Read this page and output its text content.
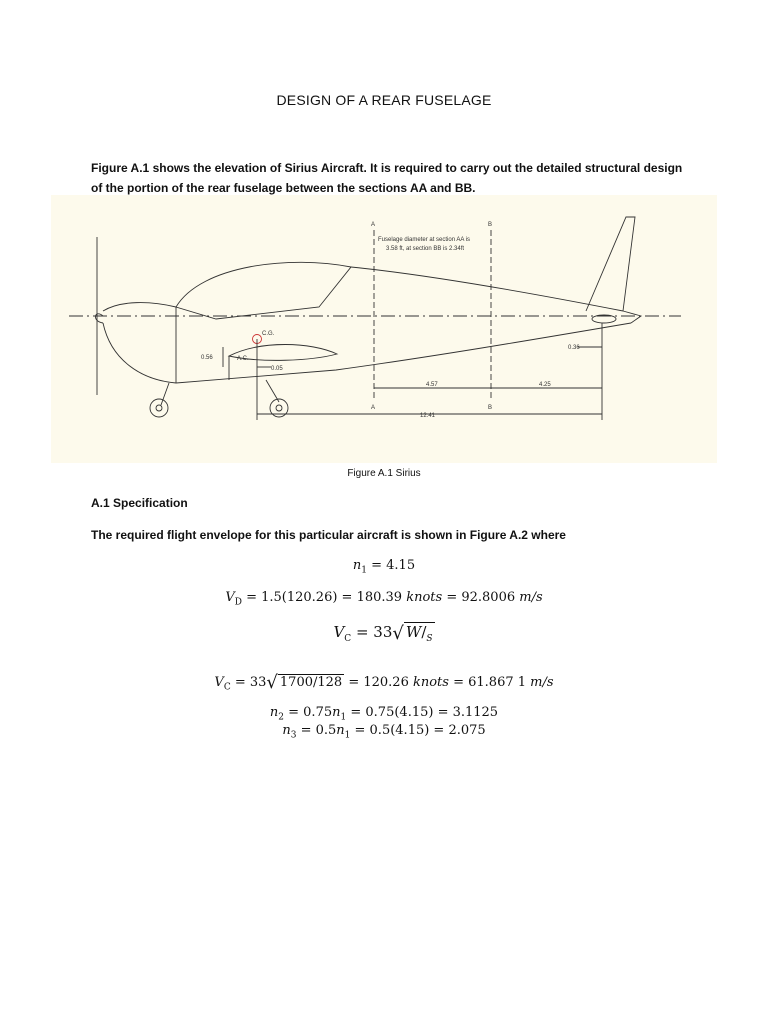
DESIGN OF A REAR FUSELAGE
Figure A.1 shows the elevation of Sirius Aircraft. It is required to carry out the detailed structural design
of the portion of the rear fuselage between the sections AA and BB.
A	B
A	B
Fuselage diameter at section AA is
3.58 ft, at section BB is 2.34ft
C.G.
A.C.
0.56
0.05
0.36
4.57	4.25
12.41
Figure A.1 Sirius
A.1 Specification
The required flight envelope for this particular aircraft is shown in Figure A.2 where
$n_1 = 4.15$
$V_D = 1.5(120.26) = 180.39$ knots = 92.8006 m/s
$V_C = 33√$ $W/_S$
$V_C = 33√$ 1700/128 = 120.26 knots = 61.867 1 m/s
$n_2 = 0.75n_1 = 0.75(4.15) = 3.1125$
$n_3 = 0.5n_1 = 0.5(4.15) = 2.075$
